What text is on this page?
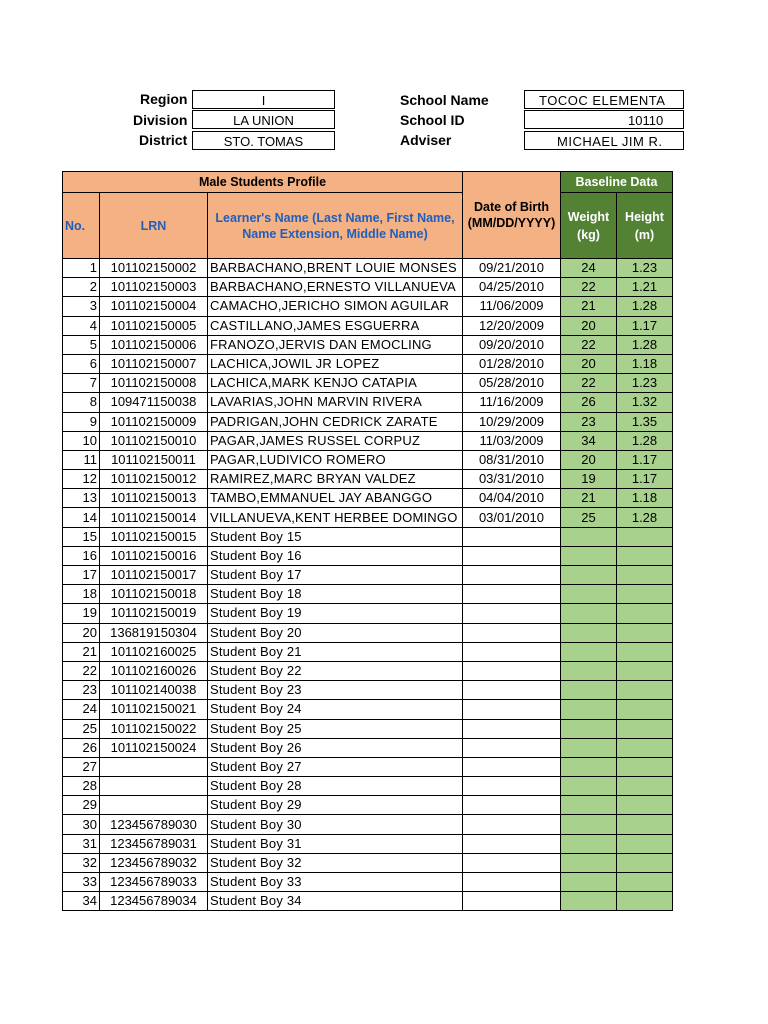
Region	I
Division	LA UNION
District	STO. TOMAS
School Name	TOCOC ELEMENTA
School ID	10110
Adviser	MICHAEL JIM R.
Male Students Profile			Date of Birth (MM/DD/YYYY)	Baseline Data	
No.	LRN	Learner's Name (Last Name, First Name, Name Extension, Middle Name)		Weight (kg)	Height (m)
1	101102150002	BARBACHANO,BRENT LOUIE MONSES	09/21/2010	24	1.23
2	101102150003	BARBACHANO,ERNESTO VILLANUEVA	04/25/2010	22	1.21
3	101102150004	CAMACHO,JERICHO SIMON AGUILAR	11/06/2009	21	1.28
4	101102150005	CASTILLANO,JAMES ESGUERRA	12/20/2009	20	1.17
5	101102150006	FRANOZO,JERVIS DAN EMOCLING	09/20/2010	22	1.28
6	101102150007	LACHICA,JOWIL JR LOPEZ	01/28/2010	20	1.18
7	101102150008	LACHICA,MARK KENJO CATAPIA	05/28/2010	22	1.23
8	109471150038	LAVARIAS,JOHN MARVIN RIVERA	11/16/2009	26	1.32
9	101102150009	PADRIGAN,JOHN CEDRICK ZARATE	10/29/2009	23	1.35
10	101102150010	PAGAR,JAMES RUSSEL CORPUZ	11/03/2009	34	1.28
11	101102150011	PAGAR,LUDIVICO ROMERO	08/31/2010	20	1.17
12	101102150012	RAMIREZ,MARC BRYAN VALDEZ	03/31/2010	19	1.17
13	101102150013	TAMBO,EMMANUEL JAY ABANGGO	04/04/2010	21	1.18
14	101102150014	VILLANUEVA,KENT HERBEE DOMINGO	03/01/2010	25	1.28
15	101102150015	Student Boy 15			
16	101102150016	Student Boy 16			
17	101102150017	Student Boy 17			
18	101102150018	Student Boy 18			
19	101102150019	Student Boy 19			
20	136819150304	Student Boy 20			
21	101102160025	Student Boy 21			
22	101102160026	Student Boy 22			
23	101102140038	Student Boy 23			
24	101102150021	Student Boy 24			
25	101102150022	Student Boy 25			
26	101102150024	Student Boy 26			
27		Student Boy 27			
28		Student Boy 28			
29		Student Boy 29			
30	123456789030	Student Boy 30			
31	123456789031	Student Boy 31			
32	123456789032	Student Boy 32			
33	123456789033	Student Boy 33			
34	123456789034	Student Boy 34			
